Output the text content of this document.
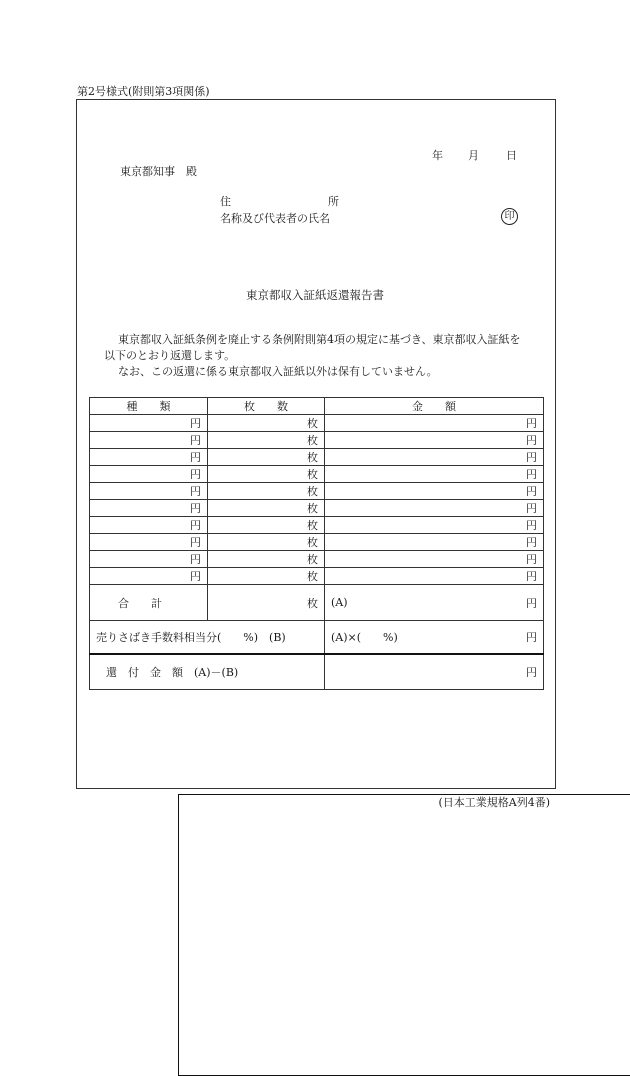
第2号様式(附則第3項関係)
年 月 日
東京都知事　殿
住	所
名称及び代表者の氏名	印
東京都収入証紙返還報告書
東京都収入証紙条例を廃止する条例附則第4項の規定に基づき、東京都収入証紙を
以下のとおり返還します。
なお、この返還に係る東京都収入証紙以外は保有していません。
種　　類	枚　　数	金　　額
円	枚	円
円	枚	円
円	枚	円
円	枚	円
円	枚	円
円	枚	円
円	枚	円
円	枚	円
円	枚	円
円	枚	円
合　　計	枚	(A) 円

売りさばき手数料相当分(　　%)　(B)		(A)×(　　%) 円

還　付　金　額　(A)－(B)		円
(日本工業規格A列4番)
